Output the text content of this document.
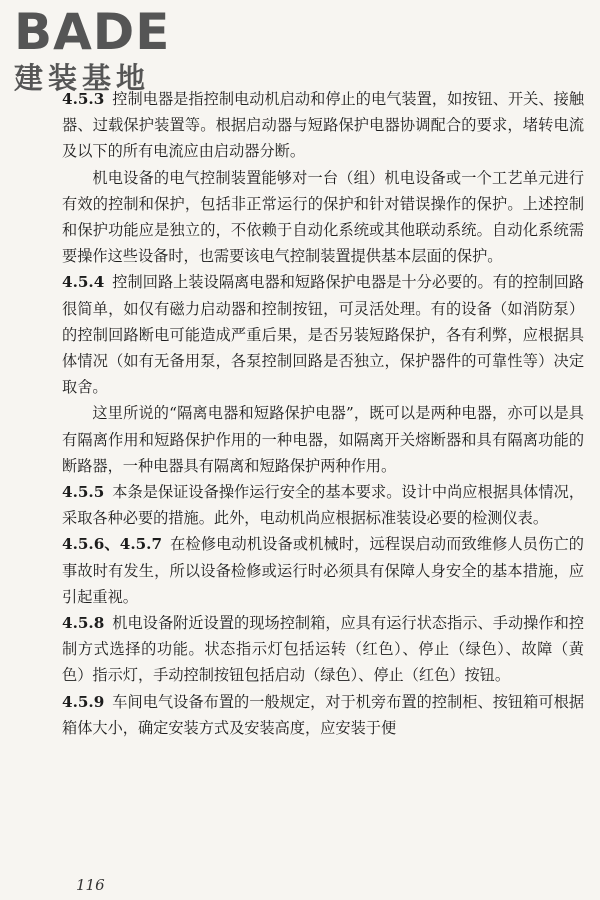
BADE
建装基地

4.5.3 控制电器是指控制电动机启动和停止的电气装置，如按钮、开关、接触器、过载保护装置等。根据启动器与短路保护电器协调配合的要求，堵转电流及以下的所有电流应由启动器分断。

机电设备的电气控制装置能够对一台（组）机电设备或一个工艺单元进行有效的控制和保护，包括非正常运行的保护和针对错误操作的保护。上述控制和保护功能应是独立的，不依赖于自动化系统或其他联动系统。自动化系统需要操作这些设备时，也需要该电气控制装置提供基本层面的保护。

4.5.4 控制回路上装设隔离电器和短路保护电器是十分必要的。有的控制回路很简单，如仅有磁力启动器和控制按钮，可灵活处理。有的设备（如消防泵）的控制回路断电可能造成严重后果，是否另装短路保护，各有利弊，应根据具体情况（如有无备用泵，各泵控制回路是否独立，保护器件的可靠性等）决定取舍。

这里所说的“隔离电器和短路保护电器”，既可以是两种电器，亦可以是具有隔离作用和短路保护作用的一种电器，如隔离开关熔断器和具有隔离功能的断路器，一种电器具有隔离和短路保护两种作用。

4.5.5 本条是保证设备操作运行安全的基本要求。设计中尚应根据具体情况，采取各种必要的措施。此外，电动机尚应根据标准装设必要的检测仪表。

4.5.6、4.5.7 在检修电动机设备或机械时，远程误启动而致维修人员伤亡的事故时有发生，所以设备检修或运行时必须具有保障人身安全的基本措施，应引起重视。

4.5.8 机电设备附近设置的现场控制箱，应具有运行状态指示、手动操作和控制方式选择的功能。状态指示灯包括运转（红色）、停止（绿色）、故障（黄色）指示灯，手动控制按钮包括启动（绿色）、停止（红色）按钮。

4.5.9 车间电气设备布置的一般规定，对于机旁布置的控制柜、按钮箱可根据箱体大小，确定安装方式及安装高度，应安装于便

116
